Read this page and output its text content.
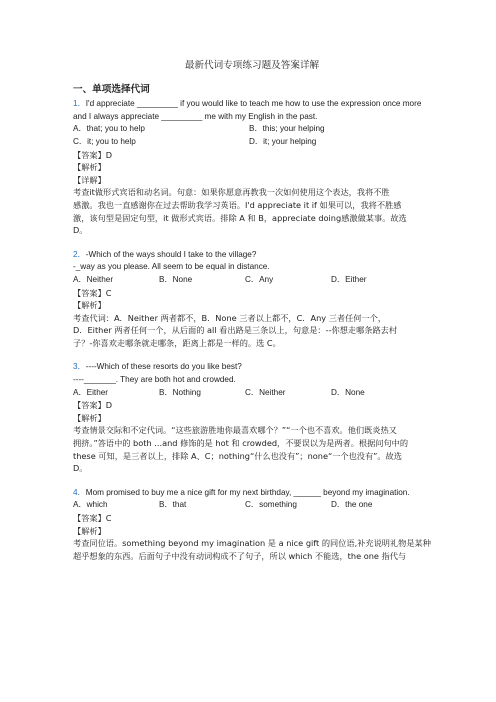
最新代词专项练习题及答案详解
一、单项选择代词
1．I'd appreciate _________ if you would like to teach me how to use the expression once more
and I always appreciate _________ me with my English in the past.
A．that; you to help	B．this; your helping
C．it; you to help	D．it; your helping
【答案】D
【解析】
【详解】
考查it做形式宾语和动名词。句意：如果你愿意再教我一次如何使用这个表达，我将不胜
感激。我也一直感谢你在过去帮助我学习英语。I'd appreciate it if 如果可以，我将不胜感
激，该句型是固定句型，it 做形式宾语。排除 A 和 B，appreciate doing感激做某事。故选
D。
2．-Which of the ways should I take to the village?
-_way as you please. All seem to be equal in distance.
A．Neither	B．None	C．Any	D．Either
【答案】C
【解析】
考查代词：A．Neither 两者都不，B．None 三者以上都不，C．Any 三者任何一个，
D．Either 两者任何一个，从后面的 all 看出路是三条以上，句意是：--你想走哪条路去村
子？-你喜欢走哪条就走哪条，距离上都是一样的。选 C。
3．----Which of these resorts do you like best?
----_______. They are both hot and crowded.
A．Either	B．Nothing	C．Neither	D．None
【答案】D
【解析】
考查情景交际和不定代词。“这些旅游胜地你最喜欢哪个？”“一个也不喜欢。他们既炎热又
拥挤。”答语中的 both ...and 修饰的是 hot 和 crowded，不要误以为是两者。根据问句中的
these 可知，是三者以上，排除 A、C；nothing“什么也没有”；none“一个也没有”。故选
D。
4．Mom promised to buy me a nice gift for my next birthday, ______ beyond my imagination.
A．which	B．that	C．something	D．the one
【答案】C
【解析】
考查同位语。something beyond my imagination 是 a nice gift 的同位语,补充说明礼物是某种
超乎想象的东西。后面句子中没有动词构成不了句子，所以 which 不能选，the one 指代与
